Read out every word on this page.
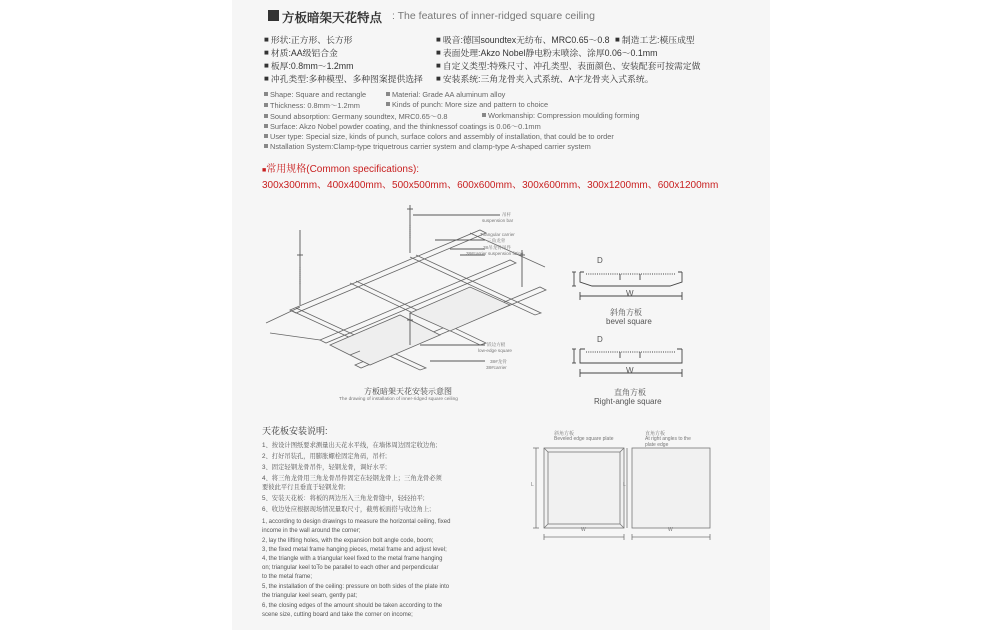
方板暗架天花特点 : The features of inner-ridged square ceiling
■ 形状:正方形、长方形
■ 材质:AA级铝合金
■ 板厚:0.8mm～1.2mm
■ 冲孔类型:多种模型、多种图案提供选择
■ 吸音:德国soundtex无纺布、MRC0.65～0.8
■	制造工艺:模压成型
■ 表面处理:Akzo Nobel静电粉末喷涂、涂厚0.06～0.1mm
■ 自定义类型:特殊尺寸、冲孔类型、表面颜色、安装配套可按需定做
■ 安装系统:三角龙骨夹入式系统、A字龙骨夹入式系统。
Shape: Square and rectangle	Material: Grade AA aluminum alloy
Thickness: 0.8mm～1.2mm	Kinds of punch: More size and pattern to choice
Sound absorption: Germany soundtex, MRC0.65～0.8	Workmanship: Compression moulding forming
Surface: Akzo Nobel powder coating, and the thinknessof coatings is 0.06～0.1mm
User type: Special size, kinds of punch, surface colors and assembly of installation, that could be to order
Nstallation System:Clamp-type triquetrous carrier system and clamp-type A-shaped carrier system
■常用规格(Common specifications):
300x300mm、400x400mm、500x500mm、600x600mm、300x600mm、300x1200mm、600x1200mm
吊杆
suspension bar
Triangular carrier
三角龙骨
38吊龙骨吊件
38#carrier suspension fitting
嵌边方板
low-edge square
38#龙骨
38#carrier
方板暗架天花安装示意图
The drawing of installation of inner-ridged square ceiling
D
W
斜角方板
bevel square
D
W
直角方板
Right-angle square
天花板安装说明:
1、按设计图纸要求测量出天花水平线，在墙体周边固定收边角;
2、打好吊装孔，用膨胀螺栓固定角码，吊杆;
3、固定轻钢龙骨吊件，轻钢龙骨，调好水平;
4、将三角龙骨用三角龙骨吊件固定在轻钢龙骨上；三角龙骨必须
要彼此平行且垂直于轻钢龙骨;
5、安装天花板：将板的两边压入三角龙骨缝中，轻轻拍平;
6、收边处应根据现场情况量取尺寸，截剪板面搭与收边角上;
1, according to design drawings to measure the horizontal ceiling, fixed
income in the wall around the corner;
2, lay the lifting holes, with the expansion bolt angle code, boom;
3, the fixed metal frame hanging pieces, metal frame and adjust level;
4, the triangle with a triangular keel fixed to the metal frame hanging
on; triangular keel toTo be parallel to each other and perpendicular
to the metal frame;
5, the installation of the ceiling: pressure on both sides of the plate into
the triangular keel seam, gently pat;
6, the closing edges of the amount should be taken according to the
scene size, cutting board and take the corner on income;
斜角方板
Beveled edge square plate
直角方板
At right angles to the
plate edge
L
W
L
W
